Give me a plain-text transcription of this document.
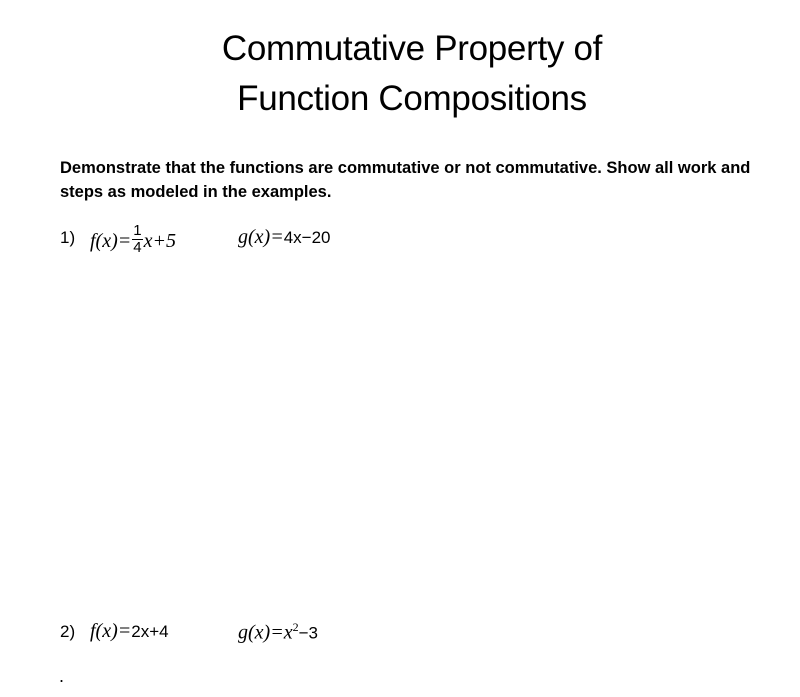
Commutative Property of
Function Compositions
Demonstrate that the functions are commutative or not commutative. Show all work and steps as modeled in the examples.
1) $f(x)= \frac{1}{4} x+5$	g(x)=4x−20
2) f(x)=2x+4	$g(x)=x^2-3$
.
